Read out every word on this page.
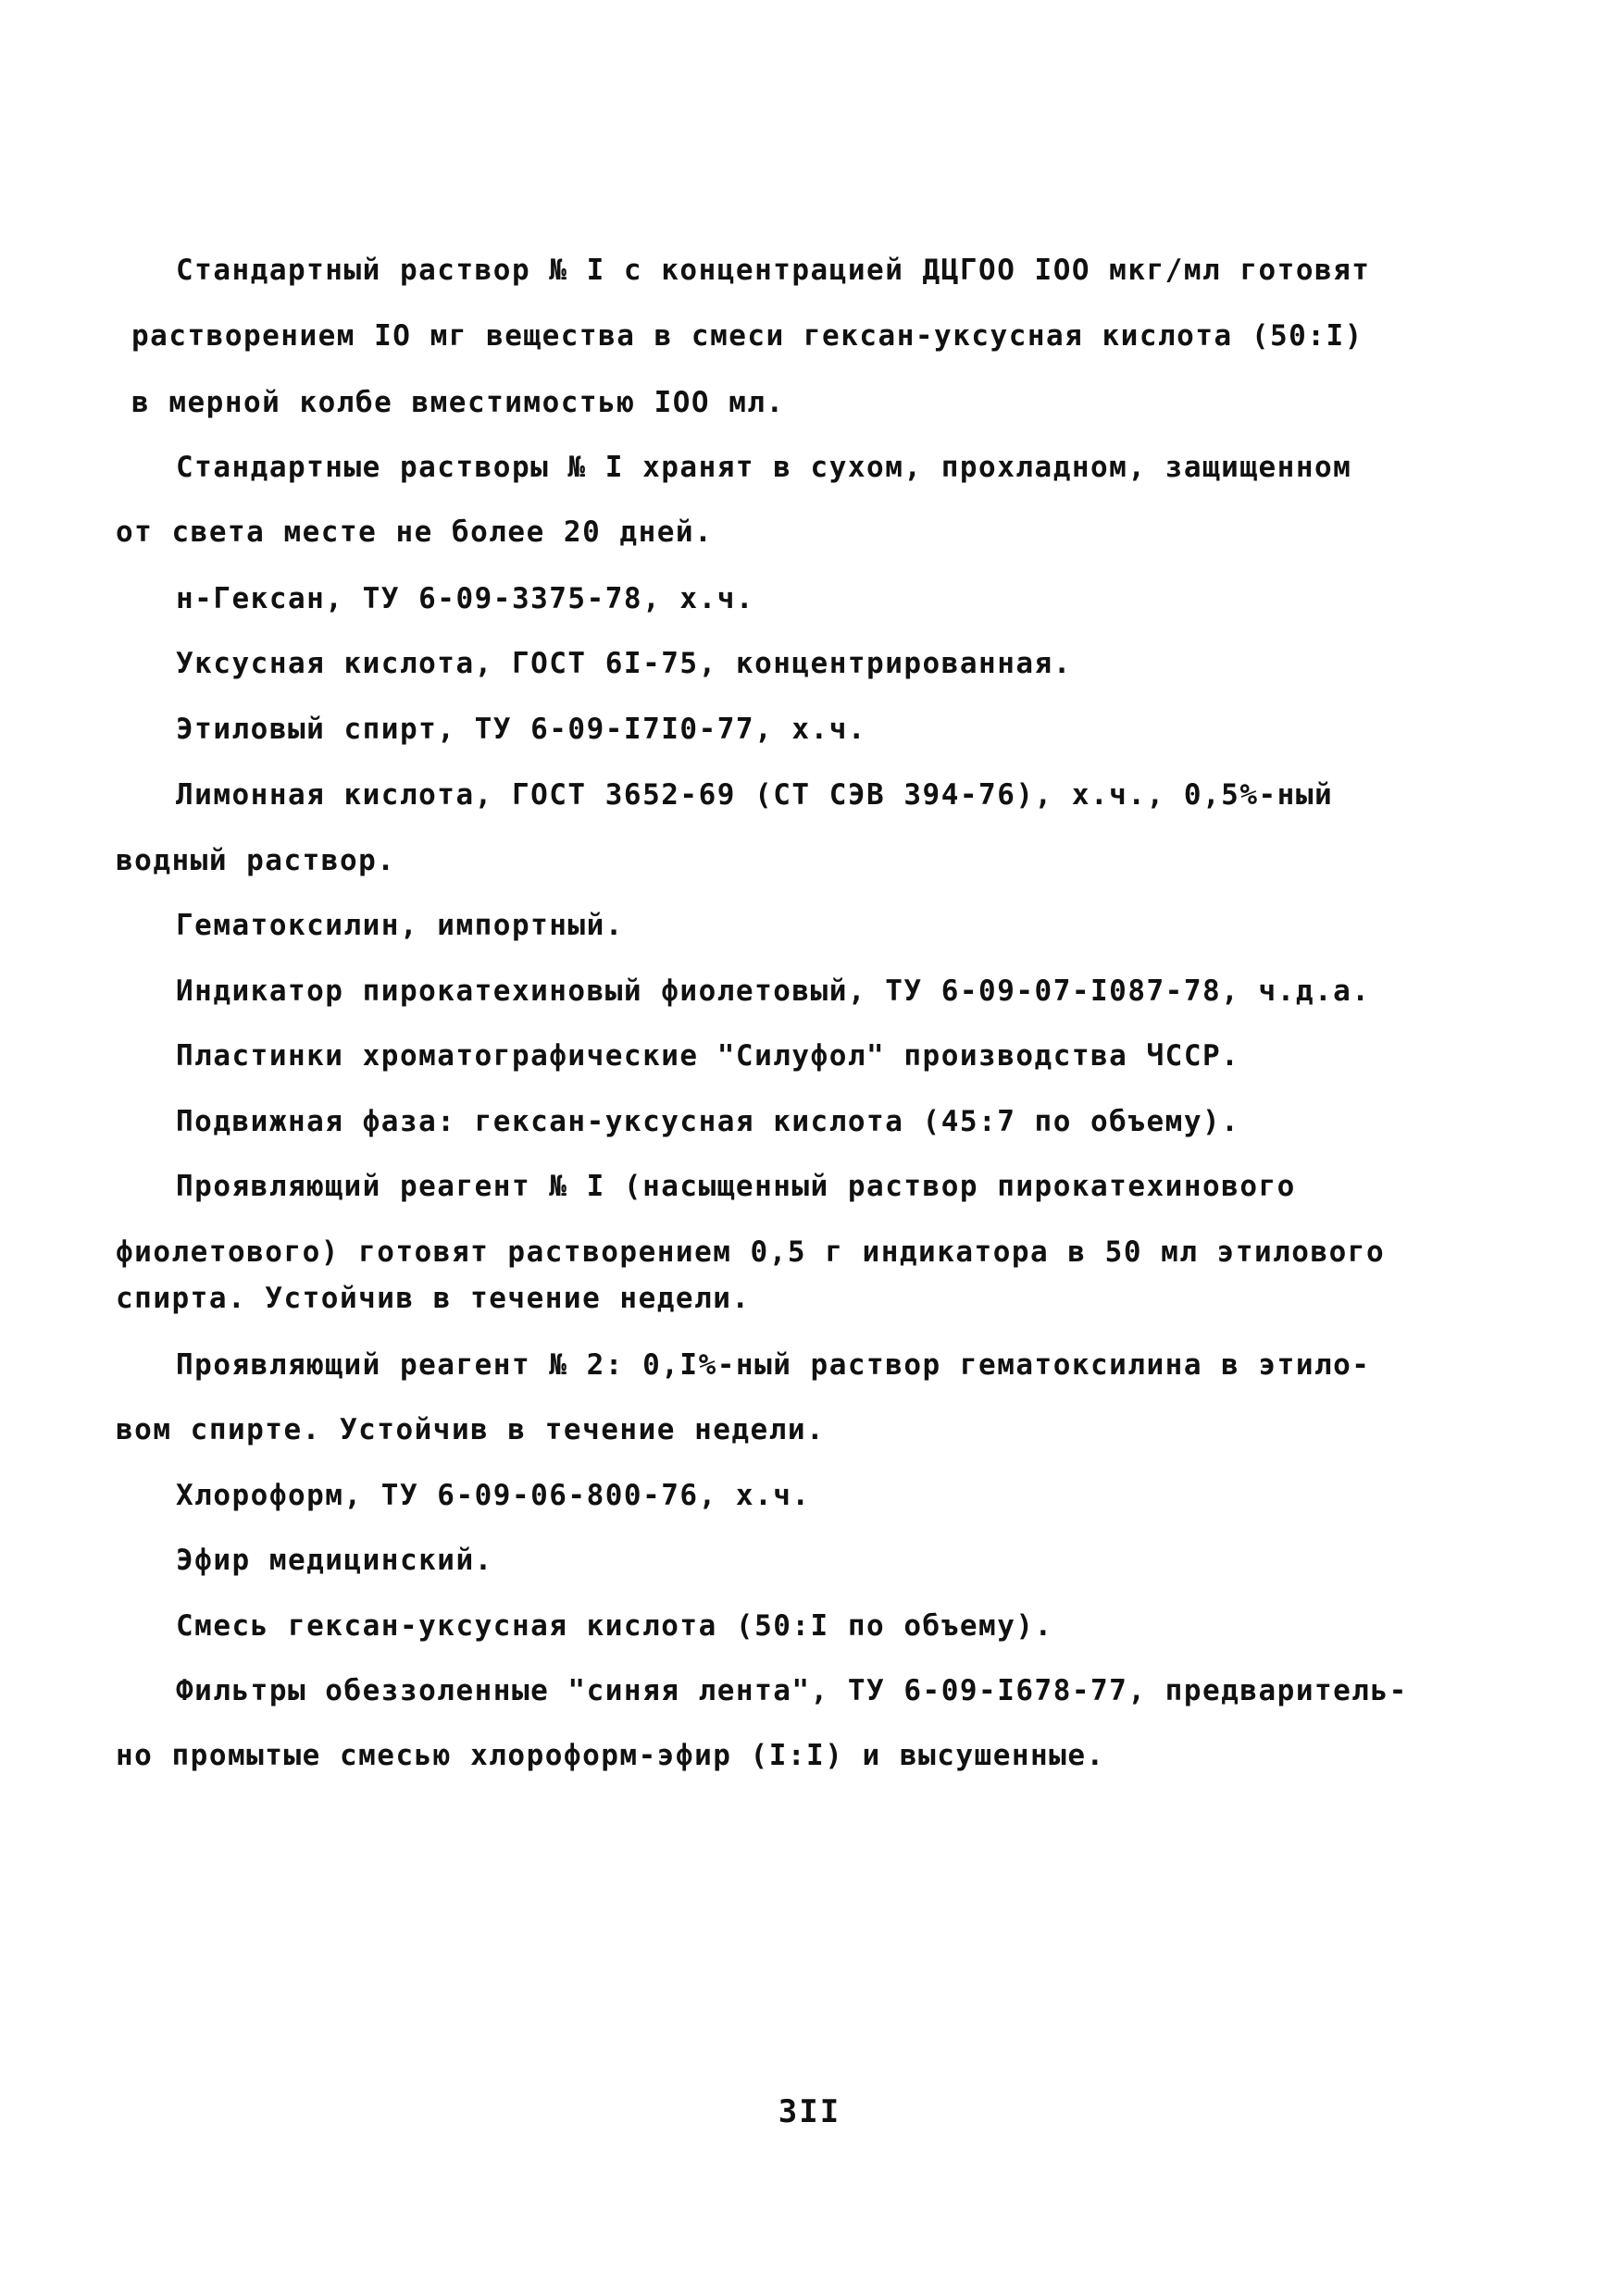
Стандартный раствор № I с концентрацией ДЦГОО IOO мкг/мл готовят
растворением IO мг вещества в смеси гексан-уксусная кислота (50:I)
в мерной колбе вместимостью IOO мл.
Стандартные растворы № I хранят в сухом, прохладном, защищенном
от света месте не более 20 дней.
н-Гексан, ТУ 6-09-3375-78, х.ч.
Уксусная кислота, ГОСТ 6I-75, концентрированная.
Этиловый спирт, ТУ 6-09-I7I0-77, х.ч.
Лимонная кислота, ГОСТ 3652-69 (СТ СЭВ 394-76), х.ч., 0,5%-ный
водный раствор.
Гематоксилин, импортный.
Индикатор пирокатехиновый фиолетовый, ТУ 6-09-07-I087-78, ч.д.а.
Пластинки хроматографические "Силуфол" производства ЧССР.
Подвижная фаза: гексан-уксусная кислота (45:7 по объему).
Проявляющий реагент № I (насыщенный раствор пирокатехинового
фиолетового) готовят растворением 0,5 г индикатора в 50 мл этилового
спирта. Устойчив в течение недели.
Проявляющий реагент № 2: 0,I%-ный раствор гематоксилина в этило-
вом спирте. Устойчив в течение недели.
Хлороформ, ТУ 6-09-06-800-76, х.ч.
Эфир медицинский.
Смесь гексан-уксусная кислота (50:I по объему).
Фильтры обеззоленные "синяя лента", ТУ 6-09-I678-77, предваритель-
но промытые смесью хлороформ-эфир (I:I) и высушенные.
3II
